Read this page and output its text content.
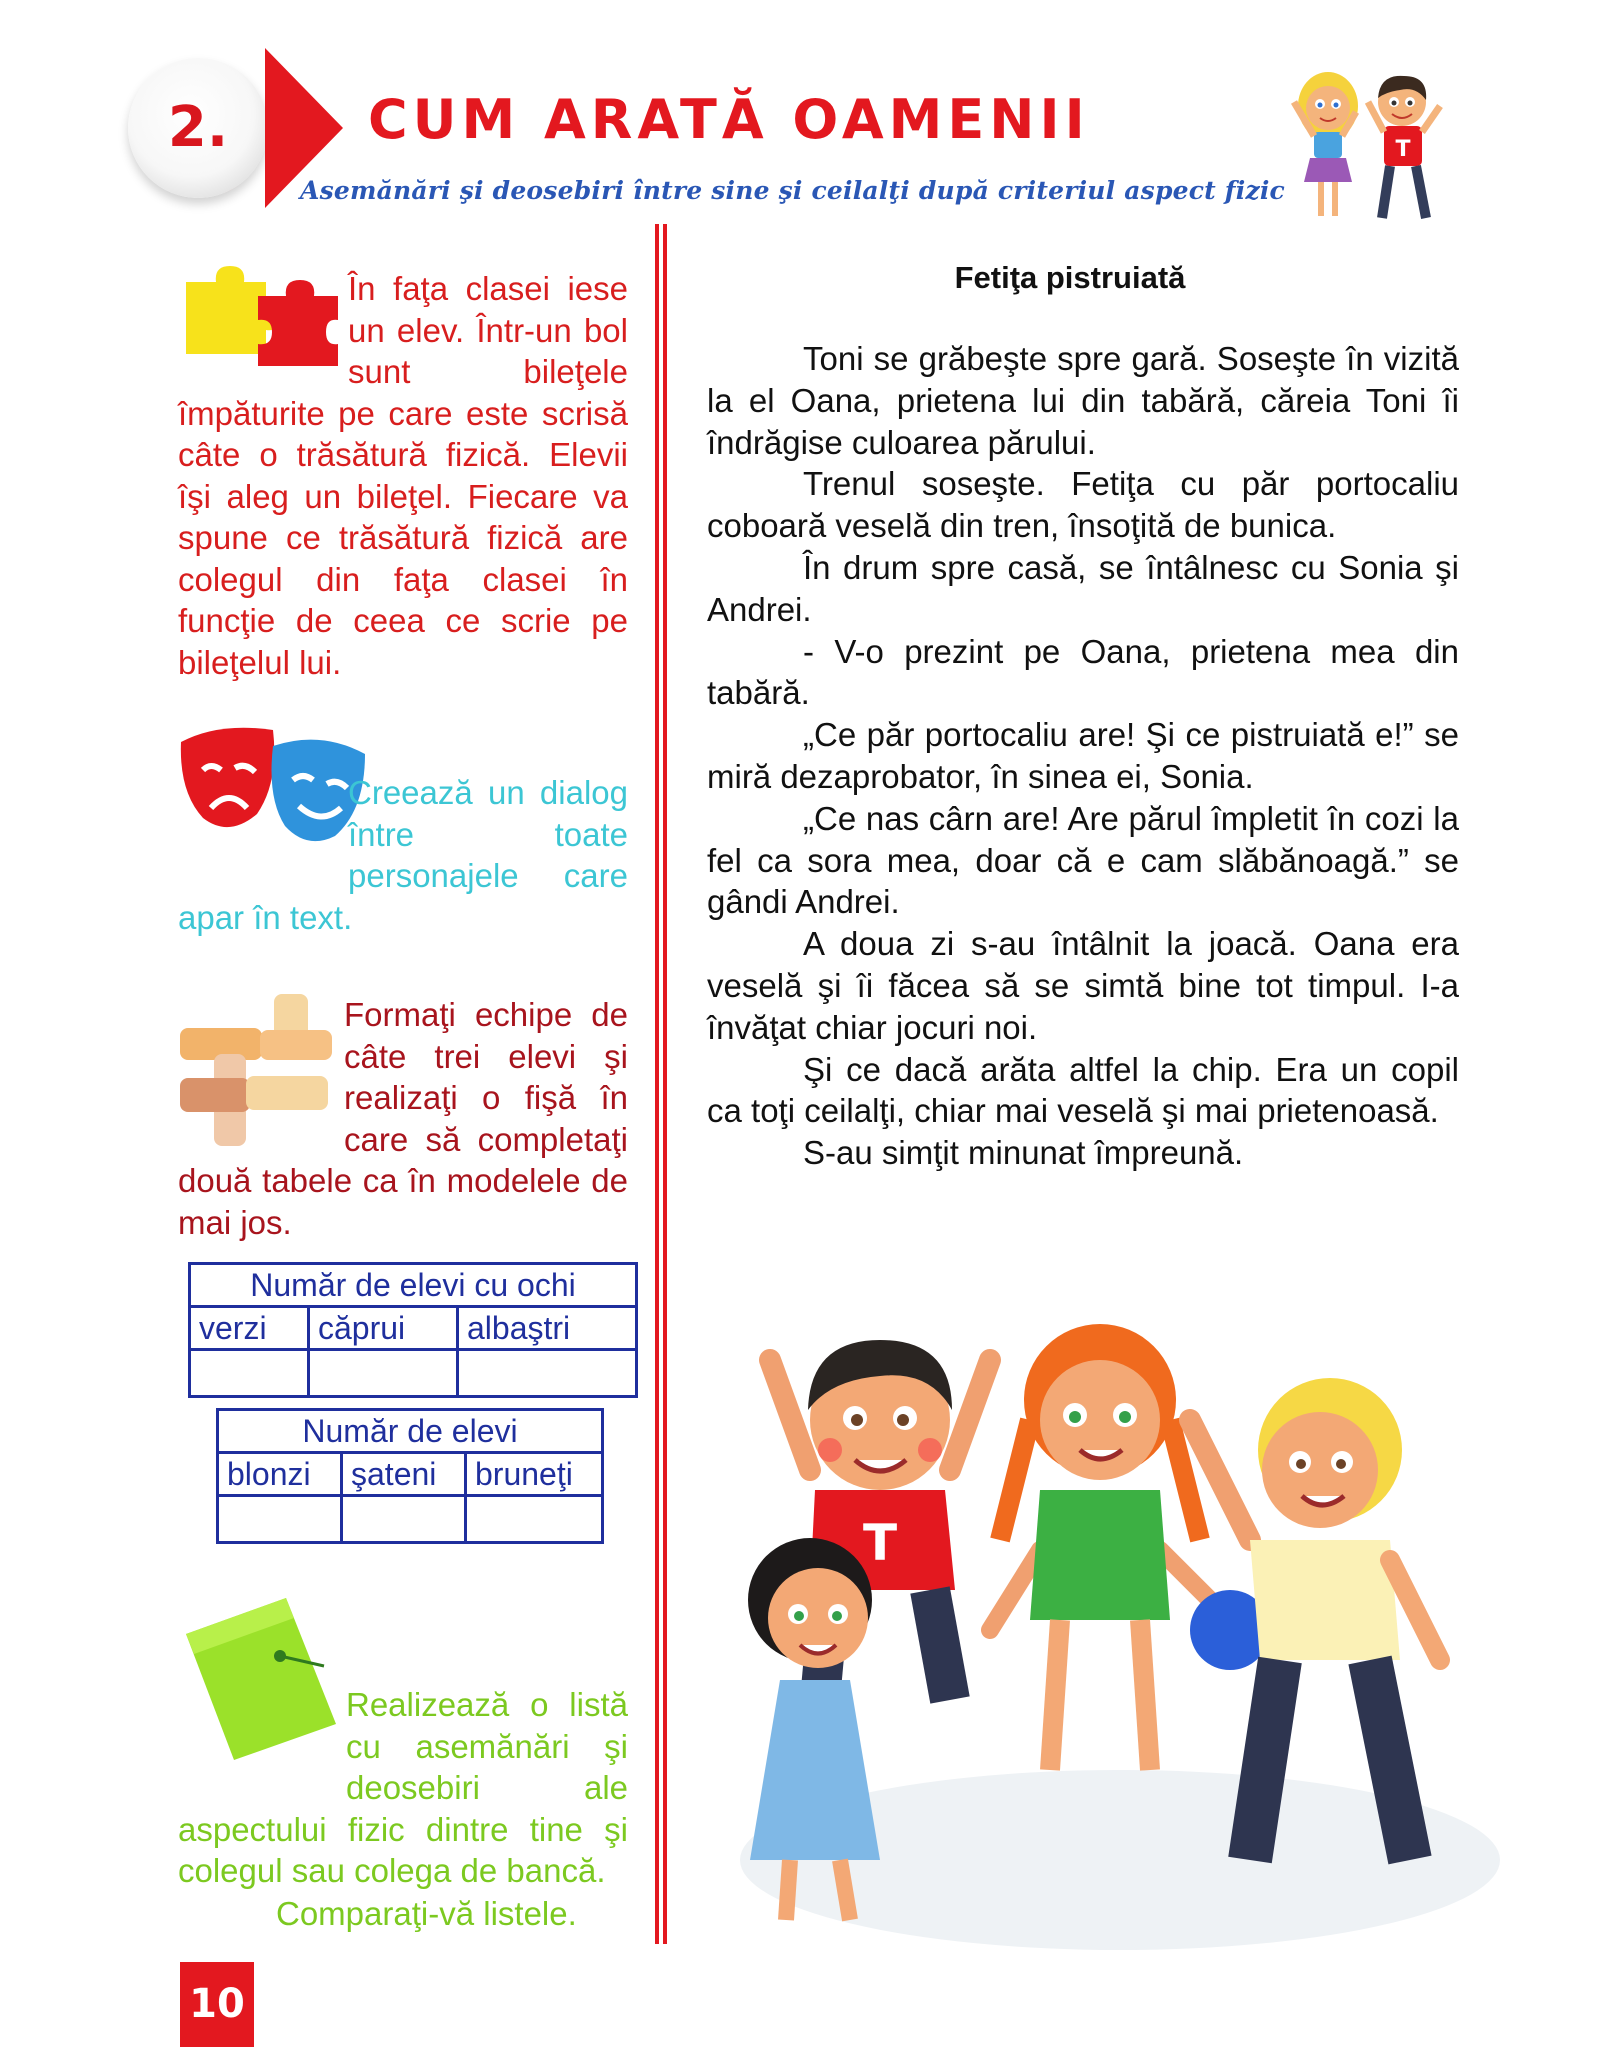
2.	CUM ARATĂ OAMENII
Asemănări şi deosebiri între sine şi ceilalţi după criteriul aspect fizic
T
În faţa clasei iese un elev. Într-un bol sunt bileţele împăturite pe care este scrisă câte o trăsătură fizică. Elevii îşi aleg un bileţel. Fiecare va spune ce trăsătură fizică are colegul din faţa clasei în funcţie de ceea ce scrie pe bileţelul lui.
Creează un dialog între toate personajele care apar în text.
Formaţi echipe de câte trei elevi şi realizaţi o fişă în care să completaţi două tabele ca în modelele de mai jos.
Număr de elevi cu ochi		
verzi	căprui	albaştri

Număr de elevi		
blonzi	şateni	bruneţi

Realizează o listă cu asemănări şi deosebiri ale aspectului fizic dintre tine şi colegul sau colega de bancă.
Comparaţi-vă listele.
Fetiţa pistruiată

Toni se grăbeşte spre gară. Soseşte în vizită la el Oana, prietena lui din tabără, căreia Toni îi îndrăgise culoarea părului.

Trenul soseşte. Fetiţa cu păr portocaliu coboară veselă din tren, însoţită de bunica.

În drum spre casă, se întâlnesc cu Sonia şi Andrei.

- V-o prezint pe Oana, prietena mea din tabără.

„Ce păr portocaliu are! Şi ce pistruiată e!” se miră dezaprobator, în sinea ei, Sonia.

„Ce nas cârn are! Are părul împletit în cozi la fel ca sora mea, doar că e cam slăbănoagă.” se gândi Andrei.

A doua zi s-au întâlnit la joacă. Oana era veselă şi îi făcea să se simtă bine tot timpul. I-a învăţat chiar jocuri noi.

Şi ce dacă arăta altfel la chip. Era un copil ca toţi ceilalţi, chiar mai veselă şi mai prietenoasă.

S-au simţit minunat împreună.

T
10
